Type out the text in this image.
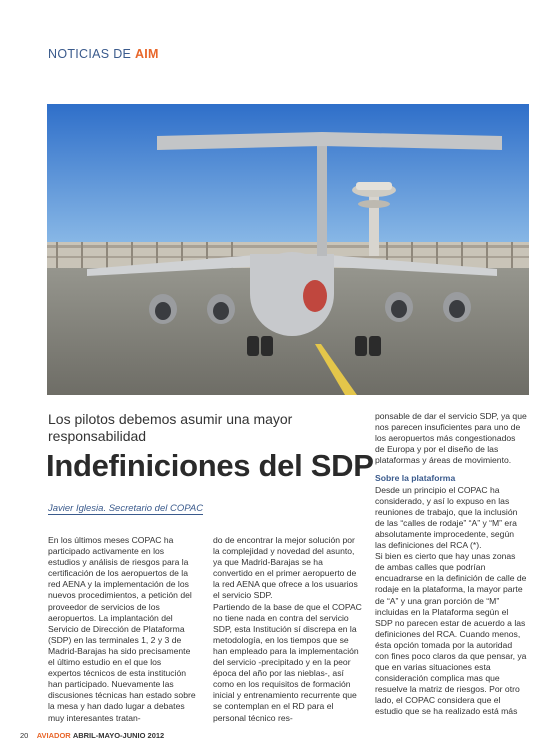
NOTICIAS DE AIM
Los pilotos debemos asumir una mayor responsabilidad
Indefiniciones del SDP
Javier Iglesia. Secretario del COPAC

En los últimos meses COPAC ha participado activamente en los estudios y análisis de riesgos para la certificación de los aeropuertos de la red AENA y la implementación de los nuevos procedimientos, a petición del proveedor de servicios de los aeropuertos. La implantación del Servicio de Dirección de Plataforma (SDP) en las terminales 1, 2 y 3 de Madrid-Barajas ha sido precisamente el último estudio en el que los expertos técnicos de esta institución han participado. Nuevamente las discusiones técnicas han estado sobre la mesa y han dado lugar a debates muy interesantes tratan-

do de encontrar la mejor solución por la complejidad y novedad del asunto, ya que Madrid-Barajas se ha convertido en el primer aeropuerto de la red AENA que ofrece a los usuarios el servicio SDP.

Partiendo de la base de que el COPAC no tiene nada en contra del servicio SDP, esta Institución sí discrepa en la metodología, en los tiempos que se han empleado para la implementación del servicio -precipitado y en la peor época del año por las nieblas-, así como en los requisitos de formación inicial y entrenamiento recurrente que se contemplan en el RD para el personal técnico res-

ponsable de dar el servicio SDP, ya que nos parecen insuficientes para uno de los aeropuertos más congestionados de Europa y por el diseño de las plataformas y áreas de movimiento.

Sobre la plataforma

Desde un principio el COPAC ha considerado, y así lo expuso en las reuniones de trabajo, que la inclusión de las “calles de rodaje” “A” y “M” era absolutamente improcedente, según las definiciones del RCA (*).

Si bien es cierto que hay unas zonas de ambas calles que podrían encuadrarse en la definición de calle de rodaje en la plataforma, la mayor parte de “A” y una gran porción de “M” incluidas en la Plataforma según el SDP no parecen estar de acuerdo a las definiciones del RCA. Cuando menos, ésta opción tomada por la autoridad con fines poco claros da que pensar, ya que en varias situaciones esta consideración complica mas que resuelve la matriz de riesgos. Por otro lado, el COPAC considera que el estudio que se ha realizado está más

20 AVIADOR ABRIL-MAYO-JUNIO 2012
